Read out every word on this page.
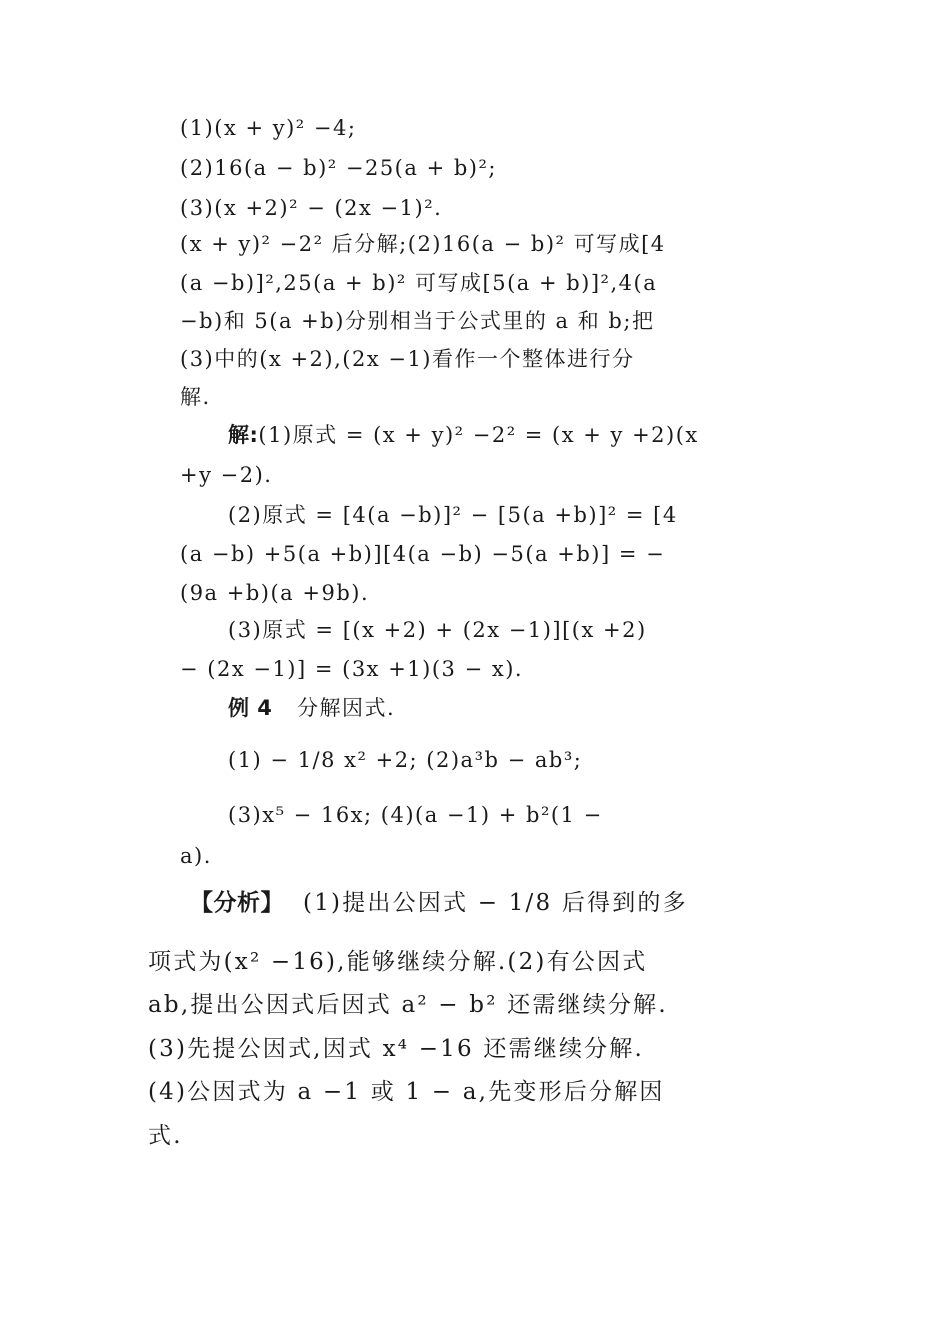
(1)(x + y)² −4;
(2)16(a − b)² −25(a + b)²;
(3)(x +2)² − (2x −1)².
(x + y)² −2² 后分解;(2)16(a − b)² 可写成[4
(a −b)]²,25(a + b)² 可写成[5(a + b)]²,4(a
−b)和 5(a +b)分别相当于公式里的 a 和 b;把
(3)中的(x +2),(2x −1)看作一个整体进行分
解.
解:(1)原式 = (x + y)² −2² = (x + y +2)(x
+y −2).
(2)原式 = [4(a −b)]² − [5(a +b)]² = [4
(a −b) +5(a +b)][4(a −b) −5(a +b)] = −
(9a +b)(a +9b).
(3)原式 = [(x +2) + (2x −1)][(x +2)
− (2x −1)] = (3x +1)(3 − x).
例 4 分解因式.
(1) − 1/8 x² +2; (2)a³b − ab³;
(3)x⁵ − 16x; (4)(a −1) + b²(1 −
a).
【分析】 (1)提出公因式 − 1/8 后得到的多
项式为(x² −16),能够继续分解.(2)有公因式
ab,提出公因式后因式 a² − b² 还需继续分解.
(3)先提公因式,因式 x⁴ −16 还需继续分解.
(4)公因式为 a −1 或 1 − a,先变形后分解因
式.
